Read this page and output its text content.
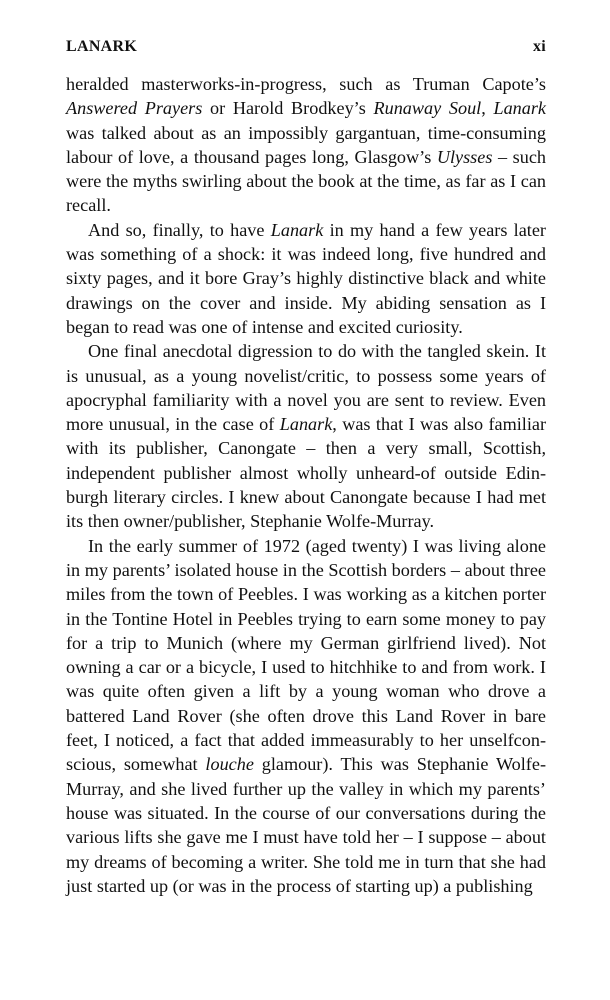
LANARK	xi

heralded masterworks-in-progress, such as Truman Capote’s Answered Prayers or Harold Brodkey’s Runaway Soul, Lanark was talked about as an impossibly gargantuan, time-consuming labour of love, a thousand pages long, Glasgow’s Ulysses – such were the myths swirling about the book at the time, as far as I can recall.

And so, finally, to have Lanark in my hand a few years later was something of a shock: it was indeed long, five hundred and sixty pages, and it bore Gray’s highly distinctive black and white drawings on the cover and inside. My abiding sensation as I began to read was one of intense and excited curiosity.

One final anecdotal digression to do with the tangled skein. It is unusual, as a young novelist/critic, to possess some years of apocryphal familiarity with a novel you are sent to review. Even more unusual, in the case of Lanark, was that I was also familiar with its publisher, Canongate – then a very small, Scottish, independent publisher almost wholly unheard-of outside Edinburgh literary circles. I knew about Canongate because I had met its then owner/publisher, Stephanie Wolfe-Murray.

In the early summer of 1972 (aged twenty) I was living alone in my parents’ isolated house in the Scottish borders – about three miles from the town of Peebles. I was working as a kitchen porter in the Tontine Hotel in Peebles trying to earn some money to pay for a trip to Munich (where my German girlfriend lived). Not owning a car or a bicycle, I used to hitchhike to and from work. I was quite often given a lift by a young woman who drove a battered Land Rover (she often drove this Land Rover in bare feet, I noticed, a fact that added immeasurably to her unselfconscious, somewhat louche glamour). This was Stephanie Wolfe-Murray, and she lived further up the valley in which my parents’ house was situated. In the course of our conversations during the various lifts she gave me I must have told her – I suppose – about my dreams of becoming a writer. She told me in turn that she had just started up (or was in the process of starting up) a publishing
